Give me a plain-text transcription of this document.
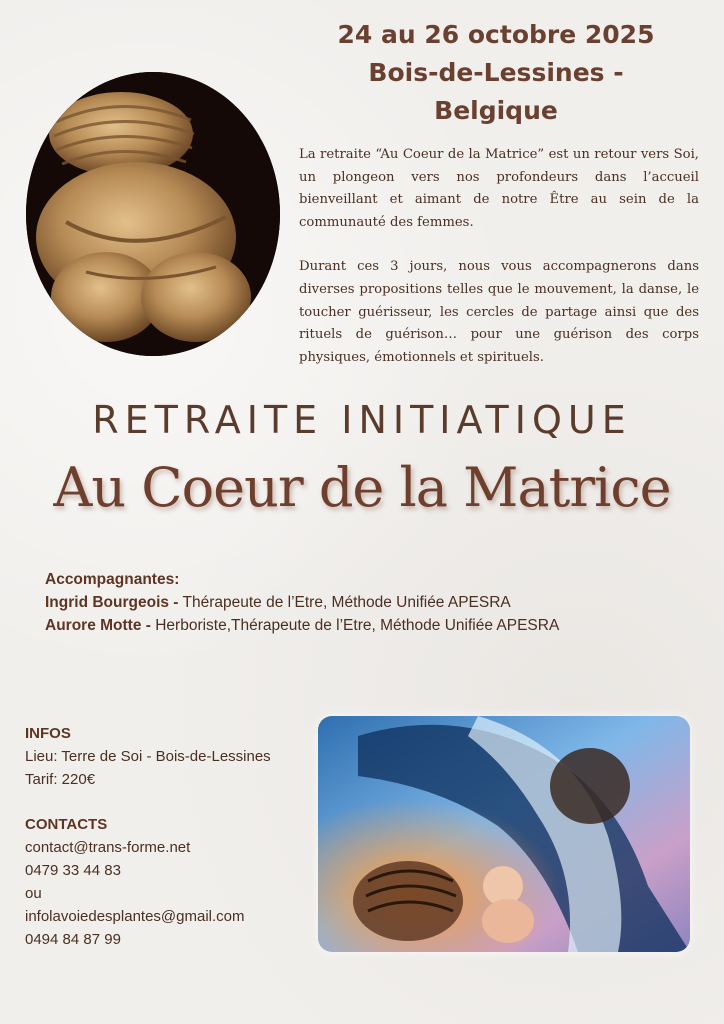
24 au 26 octobre 2025
Bois-de-Lessines -
Belgique

La retraite “Au Coeur de la Matrice” est un retour vers Soi, un plongeon vers nos profondeurs dans l’accueil bienveillant et aimant de notre Être au sein de la communauté des femmes.

Durant ces 3 jours, nous vous accompagnerons dans diverses propositions telles que le mouvement, la danse, le toucher guérisseur, les cercles de partage ainsi que des rituels de guérison… pour une guérison des corps physiques, émotionnels et spirituels.

RETRAITE INITIATIQUE
Au Coeur de la Matrice
Accompagnantes:
Ingrid Bourgeois - Thérapeute de l’Etre, Méthode Unifiée APESRA
Aurore Motte - Herboriste,Thérapeute de l’Etre, Méthode Unifiée APESRA
INFOS
Lieu: Terre de Soi - Bois-de-Lessines
Tarif: 220€
CONTACTS
contact@trans-forme.net
0479 33 44 83
ou
infolavoiedesplantes@gmail.com
0494 84 87 99
